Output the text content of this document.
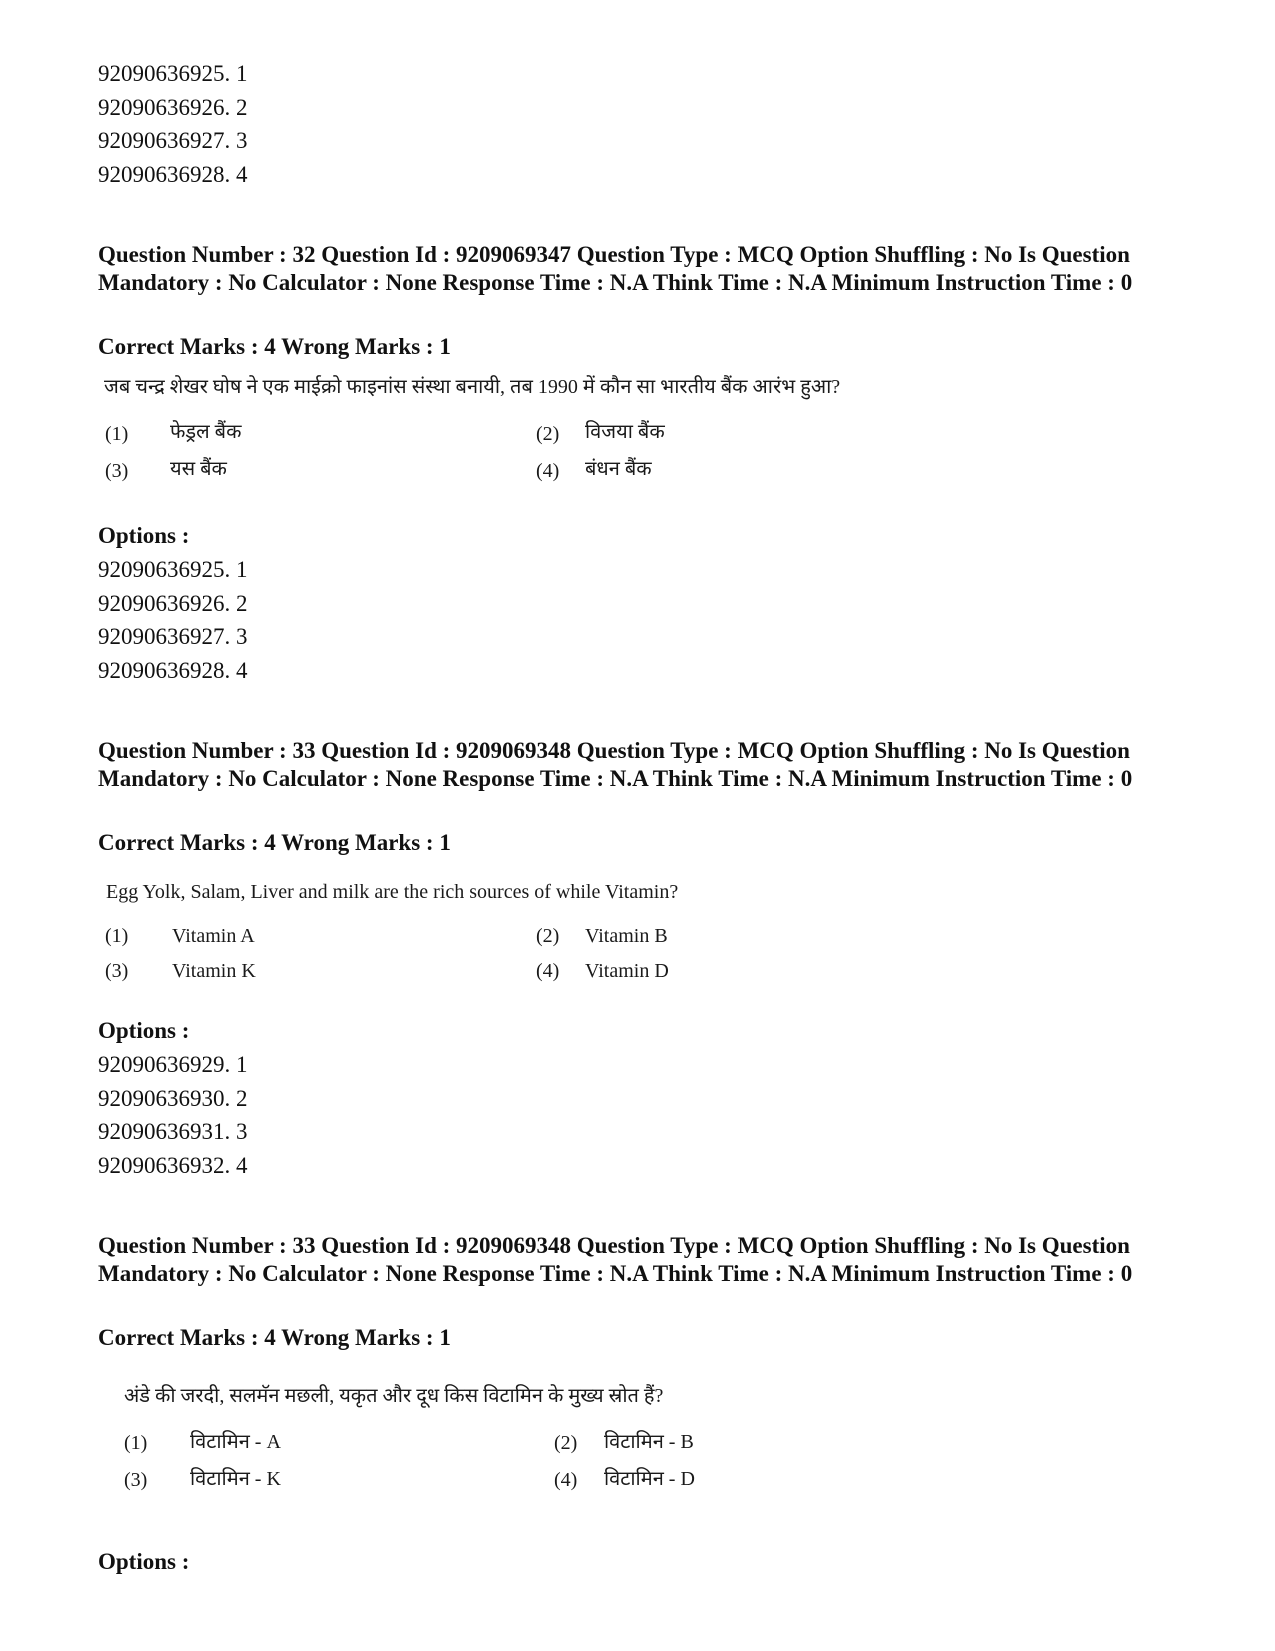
92090636925. 1
92090636926. 2
92090636927. 3
92090636928. 4
Question Number : 32 Question Id : 9209069347 Question Type : MCQ Option Shuffling : No Is Question Mandatory : No Calculator : None Response Time : N.A Think Time : N.A Minimum Instruction Time : 0
Correct Marks : 4 Wrong Marks : 1
जब चन्द्र शेखर घोष ने एक माईक्रो फाइनांस संस्था बनायी, तब 1990 में कौन सा भारतीय बैंक आरंभ हुआ?
(1) फेड्रल बैंक	(2) विजया बैंक
(3) यस बैंक	(4) बंधन बैंक
Options :
92090636925. 1
92090636926. 2
92090636927. 3
92090636928. 4
Question Number : 33 Question Id : 9209069348 Question Type : MCQ Option Shuffling : No Is Question Mandatory : No Calculator : None Response Time : N.A Think Time : N.A Minimum Instruction Time : 0
Correct Marks : 4 Wrong Marks : 1
Egg Yolk, Salam, Liver and milk are the rich sources of while Vitamin?
(1) Vitamin A	(2) Vitamin B
(3) Vitamin K	(4) Vitamin D
Options :
92090636929. 1
92090636930. 2
92090636931. 3
92090636932. 4
Question Number : 33 Question Id : 9209069348 Question Type : MCQ Option Shuffling : No Is Question Mandatory : No Calculator : None Response Time : N.A Think Time : N.A Minimum Instruction Time : 0
Correct Marks : 4 Wrong Marks : 1
अंडे की जरदी, सलमॅन मछली, यकृत और दूध किस विटामिन के मुख्य स्रोत हैं?
(1) विटामिन - A	(2) विटामिन - B
(3) विटामिन - K	(4) विटामिन - D
Options :
